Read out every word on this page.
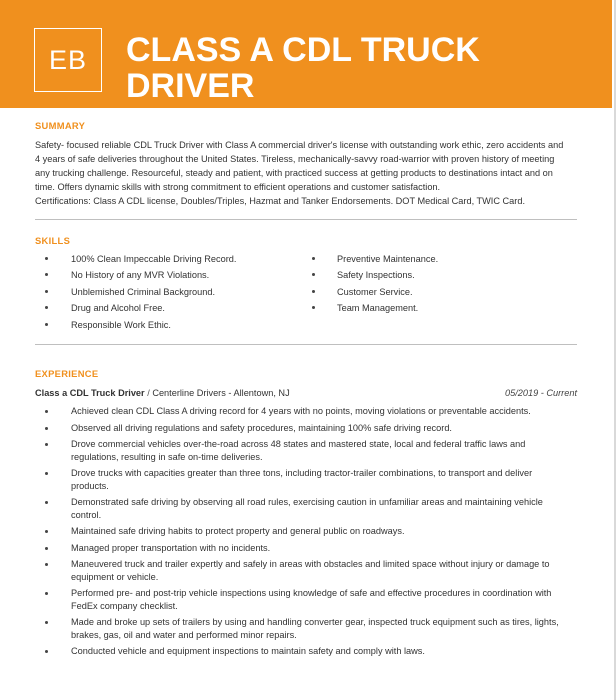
EB	CLASS A CDL TRUCK DRIVER
SUMMARY

Safety- focused reliable CDL Truck Driver with Class A commercial driver's license with outstanding work ethic, zero accidents and 4 years of safe deliveries throughout the United States. Tireless, mechanically-savvy road-warrior with proven history of meeting any trucking challenge. Resourceful, steady and patient, with practiced success at getting products to destinations intact and on time. Offers dynamic skills with strong commitment to efficient operations and customer satisfaction.

Certifications: Class A CDL license, Doubles/Triples, Hazmat and Tanker Endorsements. DOT Medical Card, TWIC Card.

SKILLS
100% Clean Impeccable Driving Record.
No History of any MVR Violations.
Unblemished Criminal Background.
Drug and Alcohol Free.
Responsible Work Ethic.
Preventive Maintenance.
Safety Inspections.
Customer Service.
Team Management.
EXPERIENCE
Class a CDL Truck Driver / Centerline Drivers - Allentown, NJ	05/2019 - Current
Achieved clean CDL Class A driving record for 4 years with no points, moving violations or preventable accidents.
Observed all driving regulations and safety procedures, maintaining 100% safe driving record.
Drove commercial vehicles over-the-road across 48 states and mastered state, local and federal traffic laws and regulations, resulting in safe on-time deliveries.
Drove trucks with capacities greater than three tons, including tractor-trailer combinations, to transport and deliver products.
Demonstrated safe driving by observing all road rules, exercising caution in unfamiliar areas and maintaining vehicle control.
Maintained safe driving habits to protect property and general public on roadways.
Managed proper transportation with no incidents.
Maneuvered truck and trailer expertly and safely in areas with obstacles and limited space without injury or damage to equipment or vehicle.
Performed pre- and post-trip vehicle inspections using knowledge of safe and effective procedures in coordination with FedEx company checklist.
Made and broke up sets of trailers by using and handling converter gear, inspected truck equipment such as tires, lights, brakes, gas, oil and water and performed minor repairs.
Conducted vehicle and equipment inspections to maintain safety and comply with laws.
